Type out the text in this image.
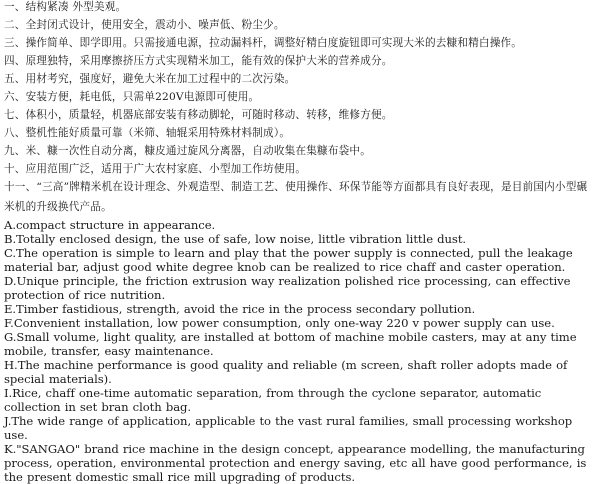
一、结构紧凑 外型美观。
二、全封闭式设计，使用安全，震动小、噪声低、粉尘少。
三、操作简单、即学即用。只需接通电源，拉动漏料杆，调整好精白度旋钮即可实现大米的去糠和精白操作。
四、原理独特，采用摩擦挤压方式实现精米加工，能有效的保护大米的营养成分。
五、用材考究，强度好，避免大米在加工过程中的二次污染。
六、安装方便，耗电低，只需单220V电源即可使用。
七、体积小，质量轻，机器底部安装有移动脚轮，可随时移动、转移，维修方便。
八、整机性能好质量可靠（米筛、轴辊采用特殊材料制成）。
九、米、糠一次性自动分离，糠皮通过旋风分离器，自动收集在集糠布袋中。
十、应用范围广泛，适用于广大农村家庭、小型加工作坊使用。
十一、“三高”牌精米机在设计理念、外观造型、制造工艺、使用操作、环保节能等方面都具有良好表现，是目前国内小型碾米机的升级换代产品。
A.compact structure in appearance.
B.Totally enclosed design, the use of safe, low noise, little vibration little dust.
C.The operation is simple to learn and play that the power supply is connected, pull the leakage material bar, adjust good white degree knob can be realized to rice chaff and caster operation.
D.Unique principle, the friction extrusion way realization polished rice processing, can effective protection of rice nutrition.
E.Timber fastidious, strength, avoid the rice in the process secondary pollution.
F.Convenient installation, low power consumption, only one-way 220 v power supply can use.
G.Small volume, light quality, are installed at bottom of machine mobile casters, may at any time mobile, transfer, easy maintenance.
H.The machine performance is good quality and reliable (m screen, shaft roller adopts made of special materials).
I.Rice, chaff one-time automatic separation, from through the cyclone separator, automatic collection in set bran cloth bag.
J.The wide range of application, applicable to the vast rural families, small processing workshop use.
K."SANGAO" brand rice machine in the design concept, appearance modelling, the manufacturing process, operation, environmental protection and energy saving, etc all have good performance, is the present domestic small rice mill upgrading of products.
